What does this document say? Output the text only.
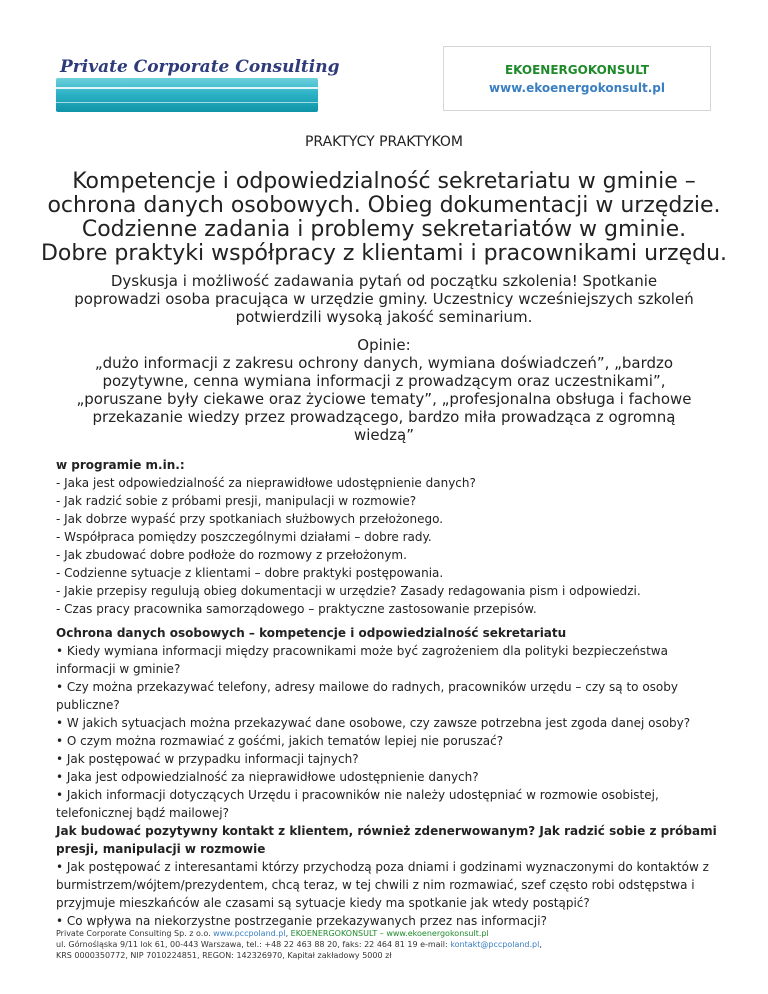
Private Corporate Consulting	EKOENERGOKONSULT
www.ekoenergokonsult.pl
PRAKTYCY PRAKTYKOM
Kompetencje i odpowiedzialność sekretariatu w gminie –
ochrona danych osobowych. Obieg dokumentacji w urzędzie.
Codzienne zadania i problemy sekretariatów w gminie.
Dobre praktyki współpracy z klientami i pracownikami urzędu.
Dyskusja i możliwość zadawania pytań od początku szkolenia! Spotkanie
poprowadzi osoba pracująca w urzędzie gminy. Uczestnicy wcześniejszych szkoleń
potwierdzili wysoką jakość seminarium.
Opinie:
„dużo informacji z zakresu ochrony danych, wymiana doświadczeń”, „bardzo
pozytywne, cenna wymiana informacji z prowadzącym oraz uczestnikami”,
„poruszane były ciekawe oraz życiowe tematy”, „profesjonalna obsługa i fachowe
przekazanie wiedzy przez prowadzącego, bardzo miła prowadząca z ogromną
wiedzą”
w programie m.in.:
- Jaka jest odpowiedzialność za nieprawidłowe udostępnienie danych?
- Jak radzić sobie z próbami presji, manipulacji w rozmowie?
- Jak dobrze wypaść przy spotkaniach służbowych przełożonego.
- Współpraca pomiędzy poszczególnymi działami – dobre rady.
- Jak zbudować dobre podłoże do rozmowy z przełożonym.
- Codzienne sytuacje z klientami – dobre praktyki postępowania.
- Jakie przepisy regulują obieg dokumentacji w urzędzie? Zasady redagowania pism i odpowiedzi.
- Czas pracy pracownika samorządowego – praktyczne zastosowanie przepisów.
Ochrona danych osobowych – kompetencje i odpowiedzialność sekretariatu
• Kiedy wymiana informacji między pracownikami może być zagrożeniem dla polityki bezpieczeństwa informacji w gminie?
• Czy można przekazywać telefony, adresy mailowe do radnych, pracowników urzędu – czy są to osoby publiczne?
• W jakich sytuacjach można przekazywać dane osobowe, czy zawsze potrzebna jest zgoda danej osoby?
• O czym można rozmawiać z gośćmi, jakich tematów lepiej nie poruszać?
• Jak postępować w przypadku informacji tajnych?
• Jaka jest odpowiedzialność za nieprawidłowe udostępnienie danych?
• Jakich informacji dotyczących Urzędu i pracowników nie należy udostępniać w rozmowie osobistej, telefonicznej bądź mailowej?
Jak budować pozytywny kontakt z klientem, również zdenerwowanym? Jak radzić sobie z próbami presji, manipulacji w rozmowie
• Jak postępować z interesantami którzy przychodzą poza dniami i godzinami wyznaczonymi do kontaktów z burmistrzem/wójtem/prezydentem, chcą teraz, w tej chwili z nim rozmawiać, szef często robi odstępstwa i przyjmuje mieszkańców ale czasami są sytuacje kiedy ma spotkanie jak wtedy postąpić?
• Co wpływa na niekorzystne postrzeganie przekazywanych przez nas informacji?
Private Corporate Consulting Sp. z o.o. www.pccpoland.pl, EKOENERGOKONSULT – www.ekoenergokonsult.pl
ul. Górnośląska 9/11 lok 61, 00-443 Warszawa, tel.: +48 22 463 88 20, faks: 22 464 81 19 e-mail: kontakt@pccpoland.pl,
KRS 0000350772, NIP 7010224851, REGON: 142326970, Kapitał zakładowy 5000 zł
